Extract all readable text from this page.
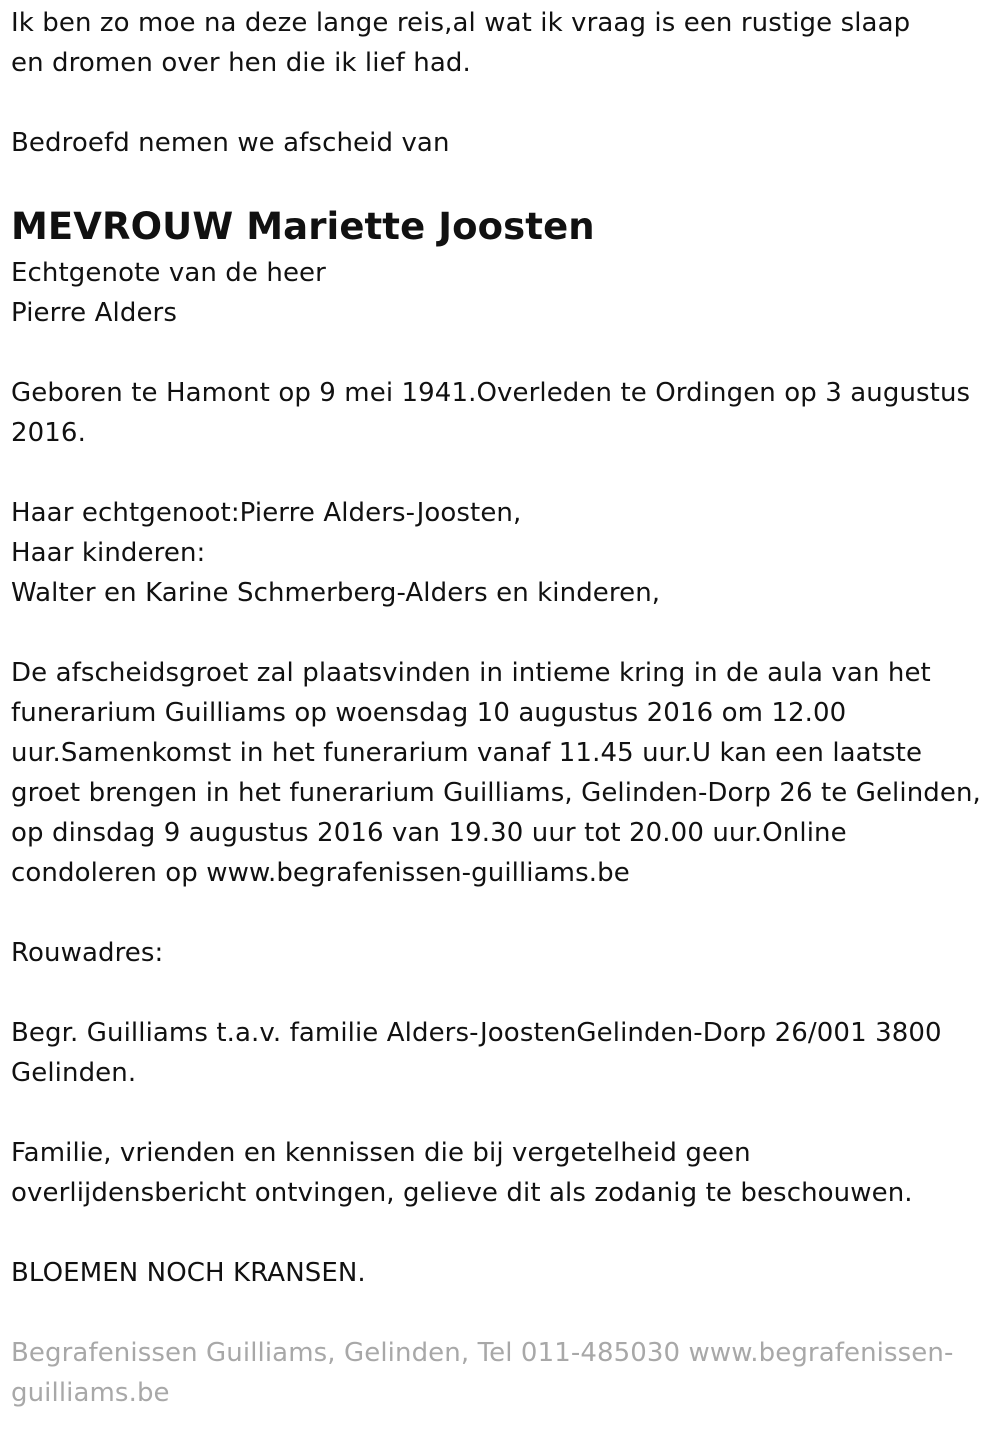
Ik ben zo moe na deze lange reis,al wat ik vraag is een rustige slaap

en dromen over hen die ik lief had.

Bedroefd nemen we afscheid van

MEVROUW Mariette Joosten

Echtgenote van de heer

Pierre Alders

Geboren te Hamont op 9 mei 1941.Overleden te Ordingen op 3 augustus

2016.

Haar echtgenoot:Pierre Alders-Joosten,

Haar kinderen:

Walter en Karine Schmerberg-Alders en kinderen,

De afscheidsgroet zal plaatsvinden in intieme kring in de aula van het

funerarium Guilliams op woensdag 10 augustus 2016 om 12.00

uur.Samenkomst in het funerarium vanaf 11.45 uur.U kan een laatste

groet brengen in het funerarium Guilliams, Gelinden-Dorp 26 te Gelinden,

op dinsdag 9 augustus 2016 van 19.30 uur tot 20.00 uur.Online

condoleren op www.begrafenissen-guilliams.be

Rouwadres:

Begr. Guilliams t.a.v. familie Alders-JoostenGelinden-Dorp 26/001 3800

Gelinden.

Familie, vrienden en kennissen die bij vergetelheid geen

overlijdensbericht ontvingen, gelieve dit als zodanig te beschouwen.

BLOEMEN NOCH KRANSEN.

Begrafenissen Guilliams, Gelinden, Tel 011-485030 www.begrafenissen-

guilliams.be
